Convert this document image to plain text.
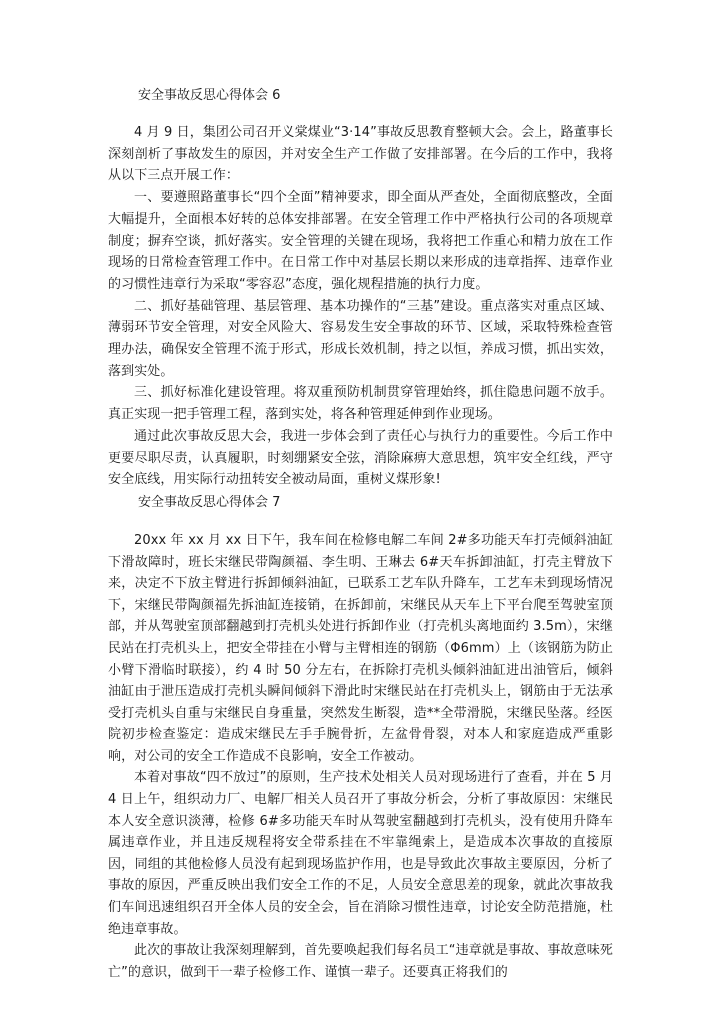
安全事故反思心得体会 6

4 月 9 日，集团公司召开义棠煤业“3·14”事故反思教育整顿大会。会上，路董事长深刻剖析了事故发生的原因，并对安全生产工作做了安排部署。在今后的工作中，我将从以下三点开展工作：

一、要遵照路董事长“四个全面”精神要求，即全面从严查处，全面彻底整改，全面大幅提升，全面根本好转的总体安排部署。在安全管理工作中严格执行公司的各项规章制度；摒弃空谈，抓好落实。安全管理的关键在现场，我将把工作重心和精力放在工作现场的日常检查管理工作中。在日常工作中对基层长期以来形成的违章指挥、违章作业的习惯性违章行为采取“零容忍”态度，强化规程措施的执行力度。

二、抓好基础管理、基层管理、基本功操作的“三基”建设。重点落实对重点区域、薄弱环节安全管理，对安全风险大、容易发生安全事故的环节、区域，采取特殊检查管理办法，确保安全管理不流于形式，形成长效机制，持之以恒，养成习惯，抓出实效，落到实处。

三、抓好标准化建设管理。将双重预防机制贯穿管理始终，抓住隐患问题不放手。真正实现一把手管理工程，落到实处，将各种管理延伸到作业现场。

通过此次事故反思大会，我进一步体会到了责任心与执行力的重要性。今后工作中更要尽职尽责，认真履职，时刻绷紧安全弦，消除麻痹大意思想，筑牢安全红线，严守安全底线，用实际行动扭转安全被动局面，重树义煤形象!

安全事故反思心得体会 7

20xx 年 xx 月 xx 日下午，我车间在检修电解二车间 2#多功能天车打壳倾斜油缸下滑故障时，班长宋继民带陶颜福、李生明、王琳去 6#天车拆卸油缸，打壳主臂放下来，决定不下放主臂进行拆卸倾斜油缸，已联系工艺车队升降车，工艺车未到现场情况下，宋继民带陶颜福先拆油缸连接销，在拆卸前，宋继民从天车上下平台爬至驾驶室顶部，并从驾驶室顶部翻越到打壳机头处进行拆卸作业（打壳机头离地面约 3.5m），宋继民站在打壳机头上，把安全带挂在小臂与主臂相连的钢筋（Φ6mm）上（该钢筋为防止小臂下滑临时联接），约 4 时 50 分左右，在拆除打壳机头倾斜油缸进出油管后，倾斜油缸由于泄压造成打壳机头瞬间倾斜下滑此时宋继民站在打壳机头上，钢筋由于无法承受打壳机头自重与宋继民自身重量，突然发生断裂，造**全带滑脱，宋继民坠落。经医院初步检查鉴定：造成宋继民左手手腕骨折，左盆骨骨裂，对本人和家庭造成严重影响，对公司的安全工作造成不良影响，安全工作被动。

本着对事故“四不放过”的原则，生产技术处相关人员对现场进行了查看，并在 5 月 4 日上午，组织动力厂、电解厂相关人员召开了事故分析会，分析了事故原因：宋继民本人安全意识淡薄，检修 6#多功能天车时从驾驶室翻越到打壳机头，没有使用升降车属违章作业，并且违反规程将安全带系挂在不牢靠绳索上，是造成本次事故的直接原因，同组的其他检修人员没有起到现场监护作用，也是导致此次事故主要原因，分析了事故的原因，严重反映出我们安全工作的不足，人员安全意思差的现象，就此次事故我们车间迅速组织召开全体人员的安全会，旨在消除习惯性违章，讨论安全防范措施，杜绝违章事故。

此次的事故让我深刻理解到，首先要唤起我们每名员工“违章就是事故、事故意味死亡”的意识，做到干一辈子检修工作、谨慎一辈子。还要真正将我们的
